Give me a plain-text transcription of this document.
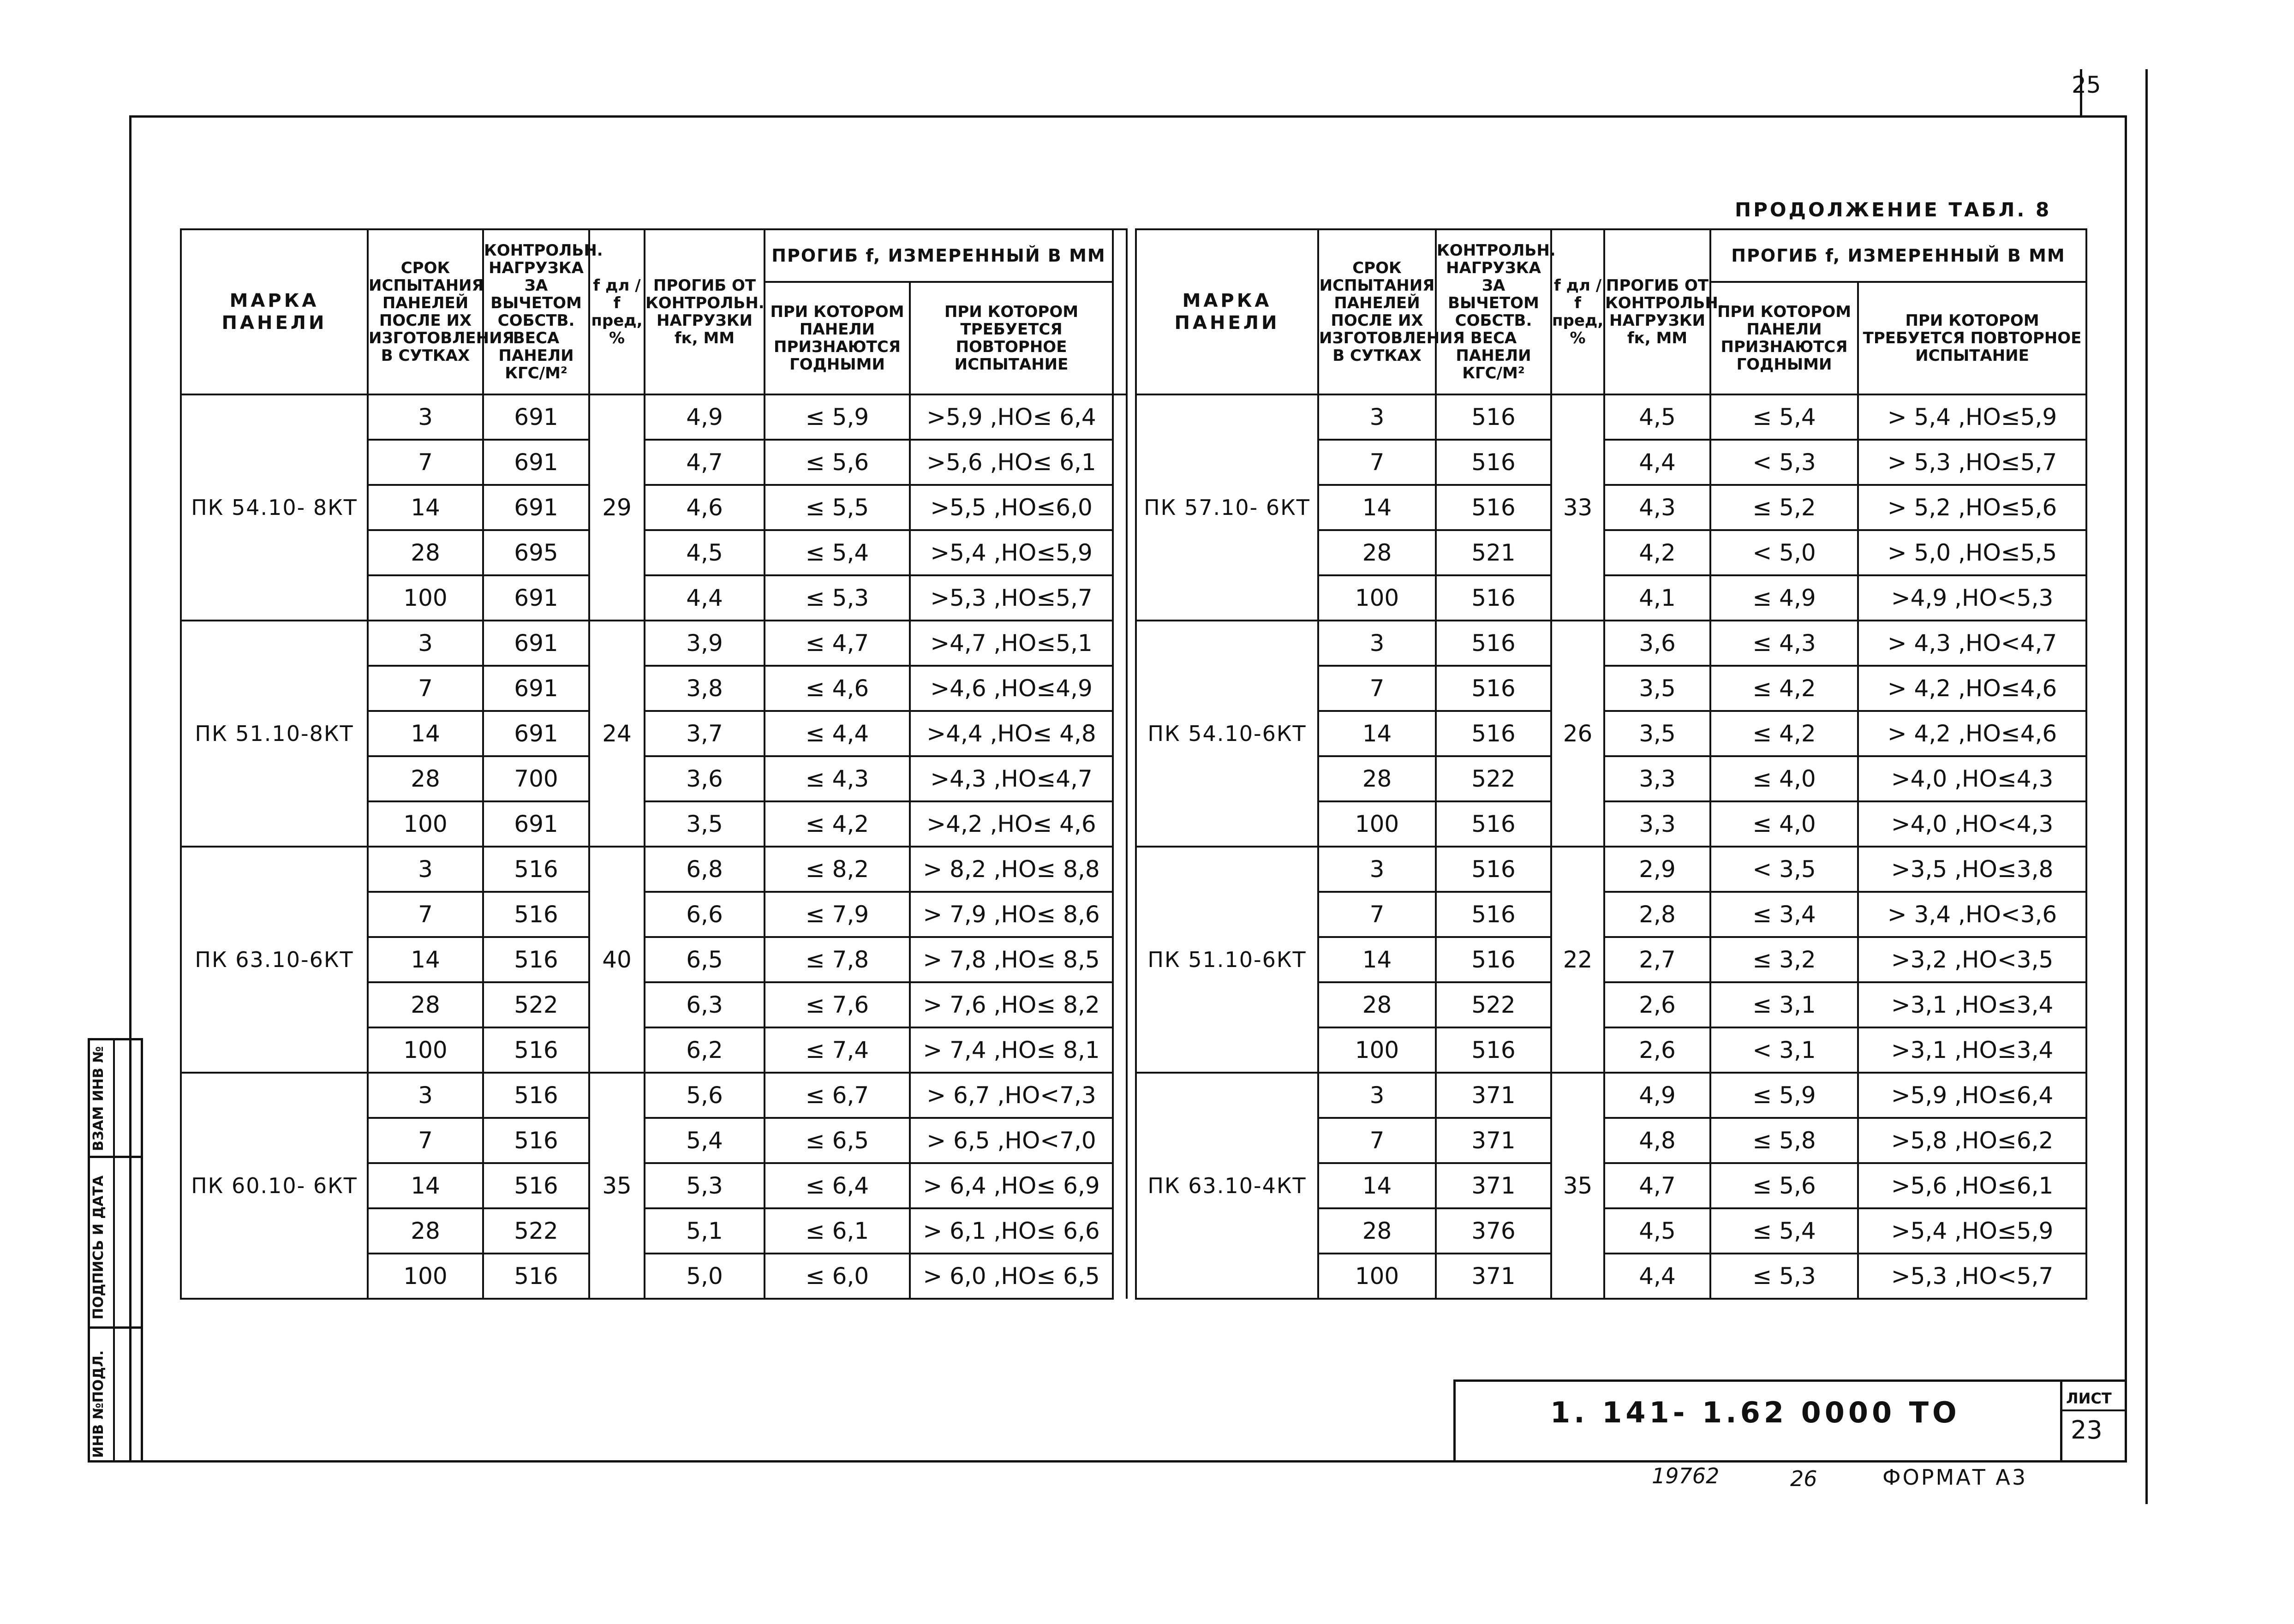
25
ПРОДОЛЖЕНИЕ ТАБЛ. 8
ИНВ №ПОДЛ.
ПОДПИСЬ И ДАТА
ВЗАМ ИНВ №
МАРКА ПАНЕЛИ	СРОК ИСПЫТАНИЯ ПАНЕЛЕЙ ПОСЛЕ ИХ ИЗГОТОВЛЕНИЯ В СУТКАХ	КОНТРОЛЬН. НАГРУЗКА ЗА ВЫЧЕТОМ СОБСТВ. ВЕСА ПАНЕЛИ КГС/М²	f дл / f пред, %	ПРОГИБ ОТ КОНТРОЛЬН. НАГРУЗКИ fк, ММ	ПРОГИБ f, ИЗМЕРЕННЫЙ В ММ		
					ПРИ КОТОРОМ ПАНЕЛИ ПРИЗНАЮТСЯ ГОДНЫМИ	ПРИ КОТОРОМ ТРЕБУЕТСЯ ПОВТОРНОЕ ИСПЫТАНИЕ	
ПК 54.10- 8КТ	3	691	29	4,9	≤ 5,9	>5,9 ,НО≤ 6,4	
	7	691		4,7	≤ 5,6	>5,6 ,НО≤ 6,1	
	14	691		4,6	≤ 5,5	>5,5 ,НО≤6,0	
	28	695		4,5	≤ 5,4	>5,4 ,НО≤5,9	
	100	691		4,4	≤ 5,3	>5,3 ,НО≤5,7	
ПК 51.10-8КТ	3	691	24	3,9	≤ 4,7	>4,7 ,НО≤5,1	
	7	691		3,8	≤ 4,6	>4,6 ,НО≤4,9	
	14	691		3,7	≤ 4,4	>4,4 ,НО≤ 4,8	
	28	700		3,6	≤ 4,3	>4,3 ,НО≤4,7	
	100	691		3,5	≤ 4,2	>4,2 ,НО≤ 4,6	
ПК 63.10-6КТ	3	516	40	6,8	≤ 8,2	> 8,2 ,НО≤ 8,8	
	7	516		6,6	≤ 7,9	> 7,9 ,НО≤ 8,6	
	14	516		6,5	≤ 7,8	> 7,8 ,НО≤ 8,5	
	28	522		6,3	≤ 7,6	> 7,6 ,НО≤ 8,2	
	100	516		6,2	≤ 7,4	> 7,4 ,НО≤ 8,1	
ПК 60.10- 6КТ	3	516	35	5,6	≤ 6,7	> 6,7 ,НО<7,3	
	7	516		5,4	≤ 6,5	> 6,5 ,НО<7,0	
	14	516		5,3	≤ 6,4	> 6,4 ,НО≤ 6,9	
	28	522		5,1	≤ 6,1	> 6,1 ,НО≤ 6,6	
	100	516		5,0	≤ 6,0	> 6,0 ,НО≤ 6,5	
МАРКА ПАНЕЛИ	СРОК ИСПЫТАНИЯ ПАНЕЛЕЙ ПОСЛЕ ИХ ИЗГОТОВЛЕНИЯ В СУТКАХ	КОНТРОЛЬН. НАГРУЗКА ЗА ВЫЧЕТОМ СОБСТВ. ВЕСА ПАНЕЛИ КГС/М²	f дл / f пред, %	ПРОГИБ ОТ КОНТРОЛЬН. НАГРУЗКИ fк, ММ	ПРОГИБ f, ИЗМЕРЕННЫЙ В ММ	
					ПРИ КОТОРОМ ПАНЕЛИ ПРИЗНАЮТСЯ ГОДНЫМИ	ПРИ КОТОРОМ ТРЕБУЕТСЯ ПОВТОРНОЕ ИСПЫТАНИЕ
ПК 57.10- 6КТ	3	516	33	4,5	≤ 5,4	> 5,4 ,НО≤5,9
	7	516		4,4	< 5,3	> 5,3 ,НО≤5,7
	14	516		4,3	≤ 5,2	> 5,2 ,НО≤5,6
	28	521		4,2	< 5,0	> 5,0 ,НО≤5,5
	100	516		4,1	≤ 4,9	>4,9 ,НО<5,3
ПК 54.10-6КТ	3	516	26	3,6	≤ 4,3	> 4,3 ,НО<4,7
	7	516		3,5	≤ 4,2	> 4,2 ,НО≤4,6
	14	516		3,5	≤ 4,2	> 4,2 ,НО≤4,6
	28	522		3,3	≤ 4,0	>4,0 ,НО≤4,3
	100	516		3,3	≤ 4,0	>4,0 ,НО<4,3
ПК 51.10-6КТ	3	516	22	2,9	< 3,5	>3,5 ,НО≤3,8
	7	516		2,8	≤ 3,4	> 3,4 ,НО<3,6
	14	516		2,7	≤ 3,2	>3,2 ,НО<3,5
	28	522		2,6	≤ 3,1	>3,1 ,НО≤3,4
	100	516		2,6	< 3,1	>3,1 ,НО≤3,4
ПК 63.10-4КТ	3	371	35	4,9	≤ 5,9	>5,9 ,НО≤6,4
	7	371		4,8	≤ 5,8	>5,8 ,НО≤6,2
	14	371		4,7	≤ 5,6	>5,6 ,НО≤6,1
	28	376		4,5	≤ 5,4	>5,4 ,НО≤5,9
	100	371		4,4	≤ 5,3	>5,3 ,НО<5,7
1. 141- 1.62 0000 ТО	ЛИСТ
23
19762	26	ФОРМАТ А3
